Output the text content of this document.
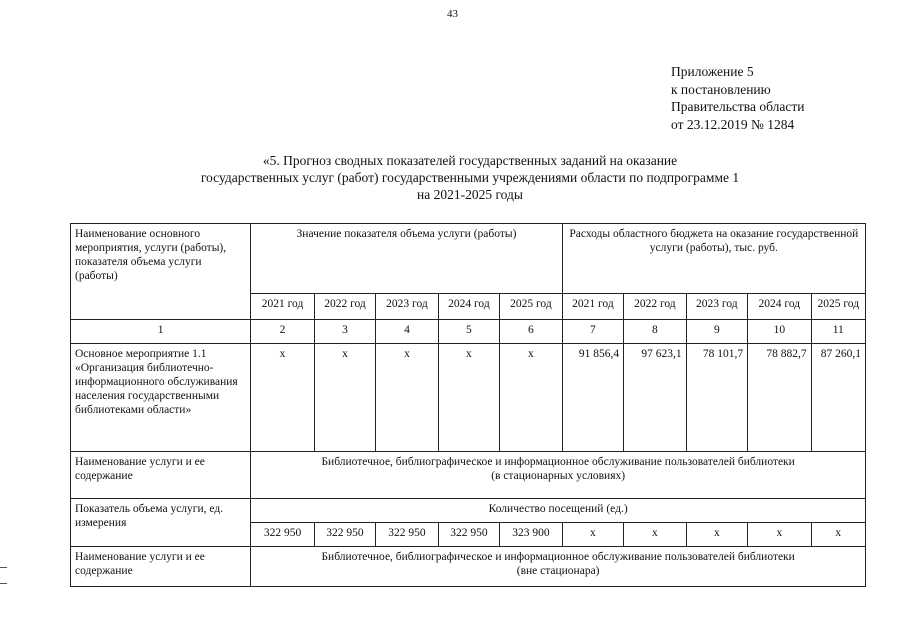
43
Приложение 5
к постановлению
Правительства области
от 23.12.2019 № 1284
«5. Прогноз сводных показателей государственных заданий на оказание
государственных услуг (работ) государственными учреждениями области по подпрограмме 1
на 2021-2025 годы
Наименование основного мероприятия, услуги (работы), показателя объема услуги (работы)	Значение показателя объема услуги (работы)					Расходы областного бюджета на оказание государственной услуги (работы), тыс. руб.				
	2021 год	2022 год	2023 год	2024 год	2025 год	2021 год	2022 год	2023 год	2024 год	2025 год
1	2	3	4	5	6	7	8	9	10	11
Основное мероприятие 1.1 «Организация библиотечно-информационного обслуживания населения государственными библиотеками области»	х	х	х	х	х	91 856,4	97 623,1	78 101,7	78 882,7	87 260,1
Наименование услуги и ее содержание	Библиотечное, библиографическое и информационное обслуживание пользователей библиотеки
(в стационарных условиях)									

Показатель объема услуги, ед. измерения	Количество посещений (ед.)									
	322 950	322 950	322 950	322 950	323 900	х	х	х	х	х
Наименование услуги и ее содержание	Библиотечное, библиографическое и информационное обслуживание пользователей библиотеки
(вне стационара)									
